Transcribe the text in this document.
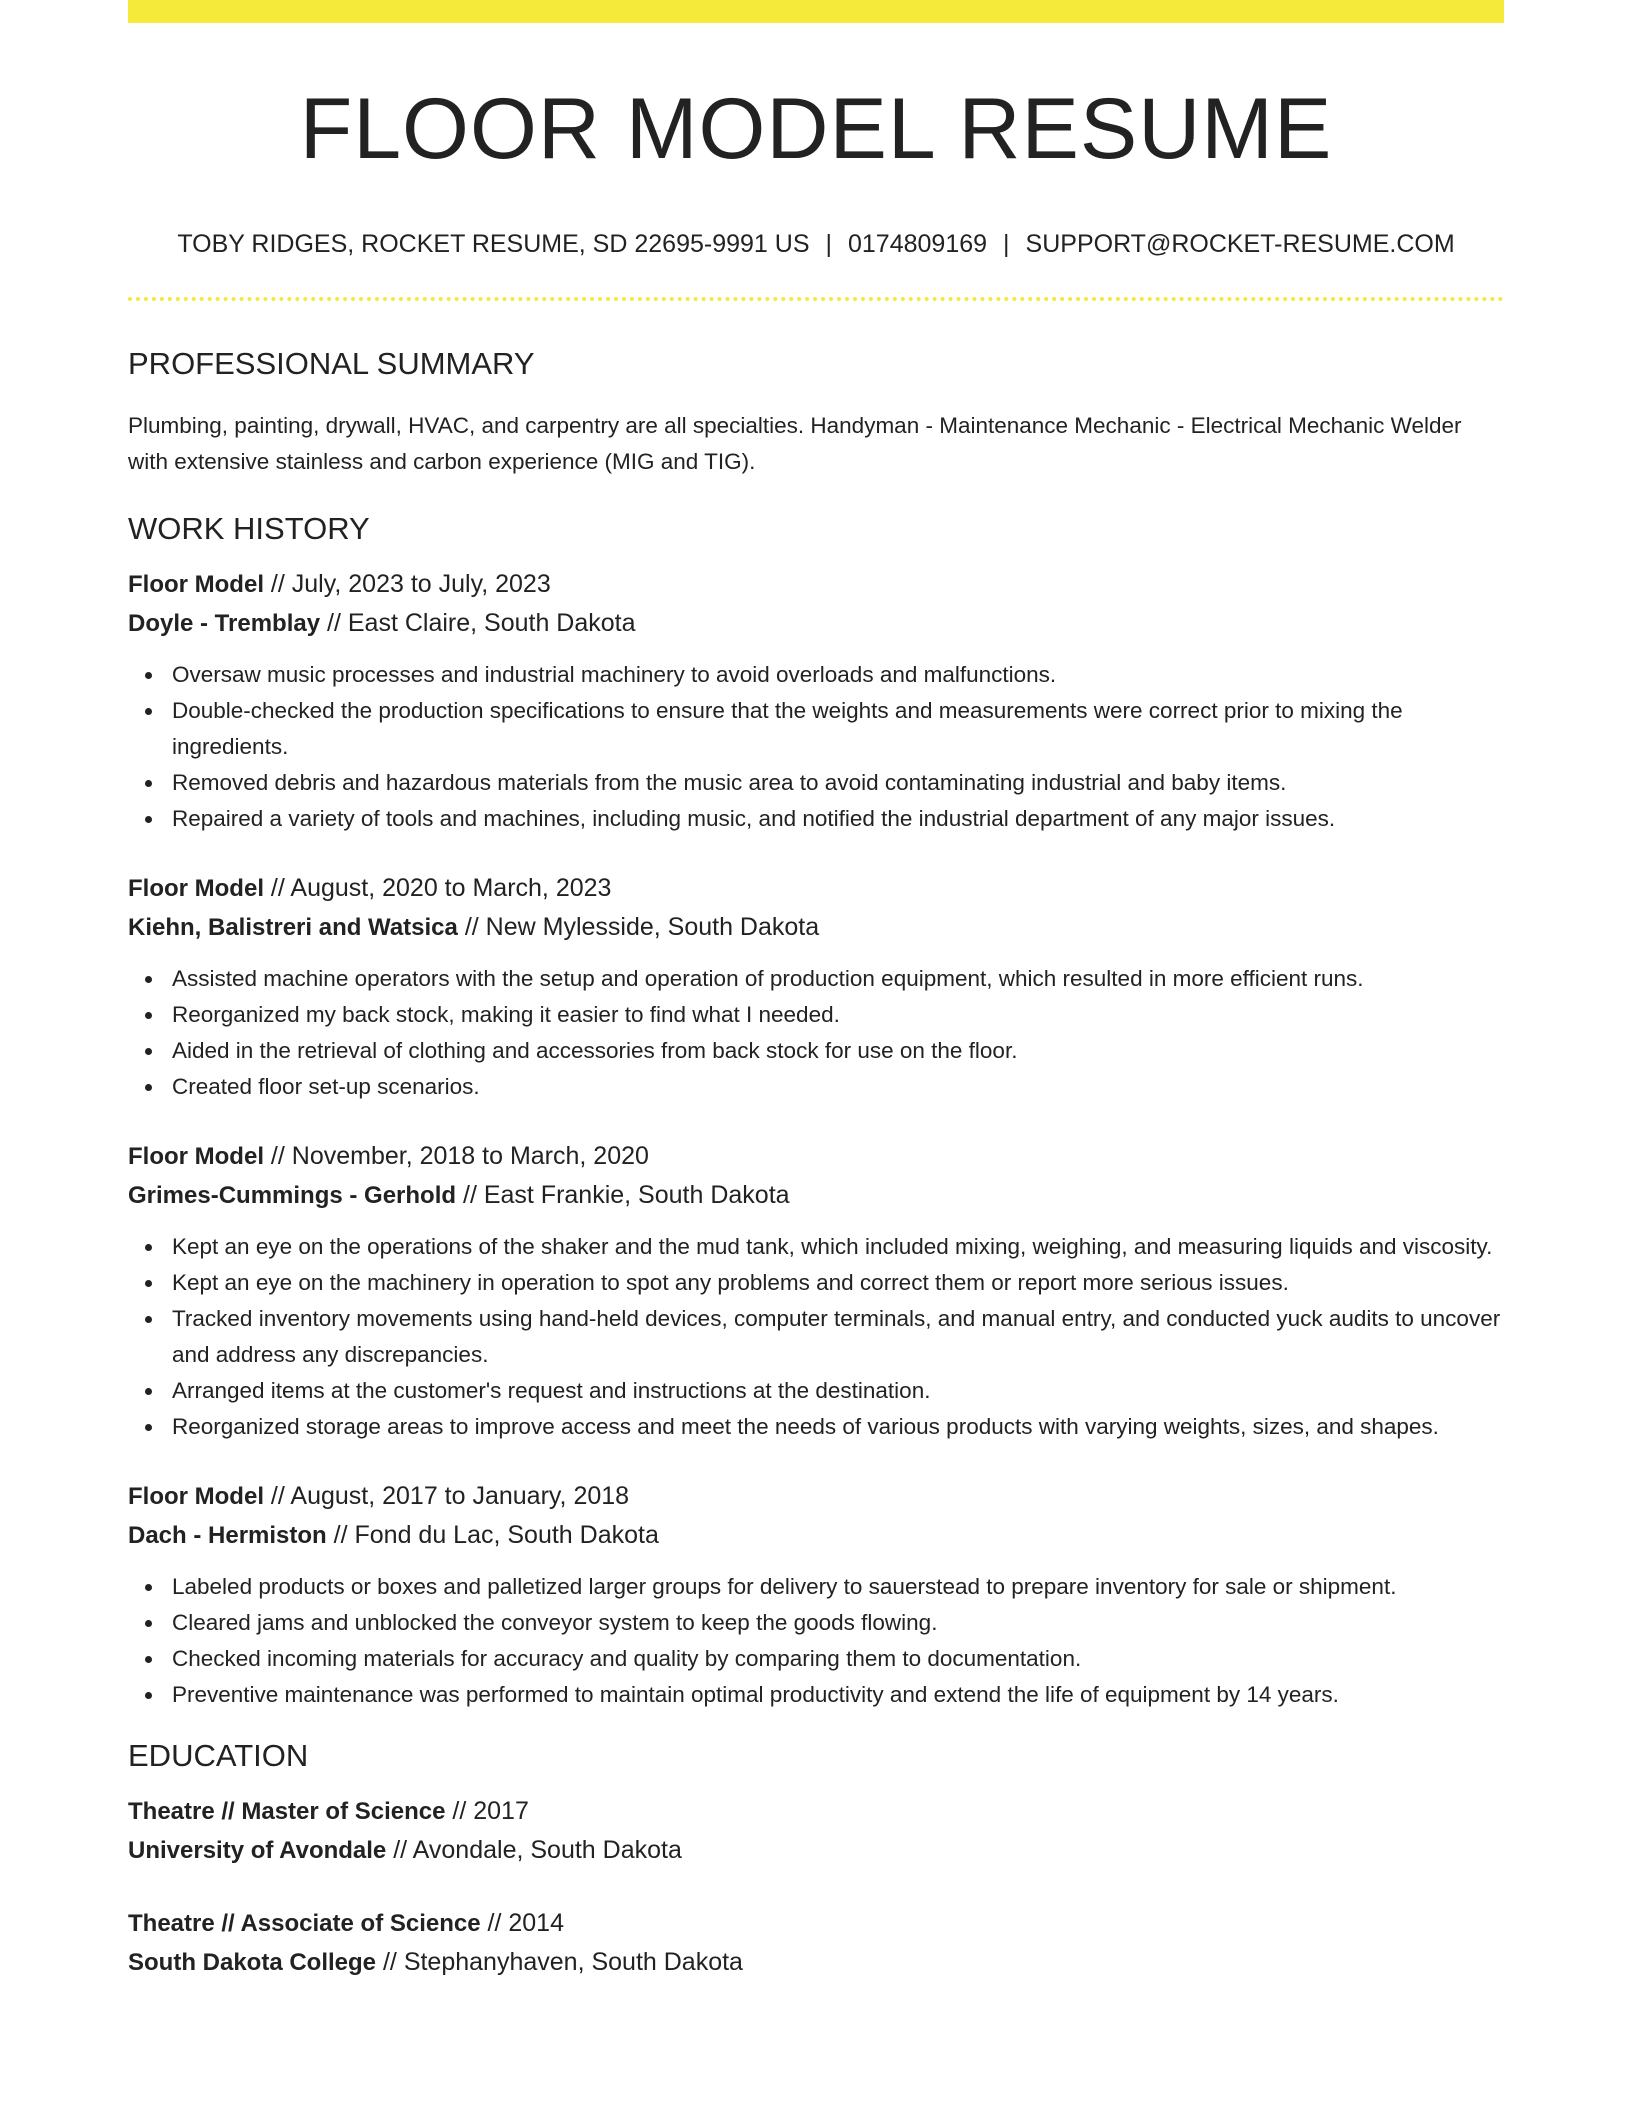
FLOOR MODEL RESUME
TOBY RIDGES, ROCKET RESUME, SD 22695-9991 US | 0174809169 | SUPPORT@ROCKET-RESUME.COM
PROFESSIONAL SUMMARY
Plumbing, painting, drywall, HVAC, and carpentry are all specialties. Handyman - Maintenance Mechanic - Electrical Mechanic Welder with extensive stainless and carbon experience (MIG and TIG).
WORK HISTORY
Floor Model // July, 2023 to July, 2023
Doyle - Tremblay // East Claire, South Dakota
Oversaw music processes and industrial machinery to avoid overloads and malfunctions.
Double-checked the production specifications to ensure that the weights and measurements were correct prior to mixing the ingredients.
Removed debris and hazardous materials from the music area to avoid contaminating industrial and baby items.
Repaired a variety of tools and machines, including music, and notified the industrial department of any major issues.
Floor Model // August, 2020 to March, 2023
Kiehn, Balistreri and Watsica // New Mylesside, South Dakota
Assisted machine operators with the setup and operation of production equipment, which resulted in more efficient runs.
Reorganized my back stock, making it easier to find what I needed.
Aided in the retrieval of clothing and accessories from back stock for use on the floor.
Created floor set-up scenarios.
Floor Model // November, 2018 to March, 2020
Grimes-Cummings - Gerhold // East Frankie, South Dakota
Kept an eye on the operations of the shaker and the mud tank, which included mixing, weighing, and measuring liquids and viscosity.
Kept an eye on the machinery in operation to spot any problems and correct them or report more serious issues.
Tracked inventory movements using hand-held devices, computer terminals, and manual entry, and conducted yuck audits to uncover and address any discrepancies.
Arranged items at the customer's request and instructions at the destination.
Reorganized storage areas to improve access and meet the needs of various products with varying weights, sizes, and shapes.
Floor Model // August, 2017 to January, 2018
Dach - Hermiston // Fond du Lac, South Dakota
Labeled products or boxes and palletized larger groups for delivery to sauerstead to prepare inventory for sale or shipment.
Cleared jams and unblocked the conveyor system to keep the goods flowing.
Checked incoming materials for accuracy and quality by comparing them to documentation.
Preventive maintenance was performed to maintain optimal productivity and extend the life of equipment by 14 years.
EDUCATION
Theatre // Master of Science // 2017
University of Avondale // Avondale, South Dakota
Theatre // Associate of Science // 2014
South Dakota College // Stephanyhaven, South Dakota
